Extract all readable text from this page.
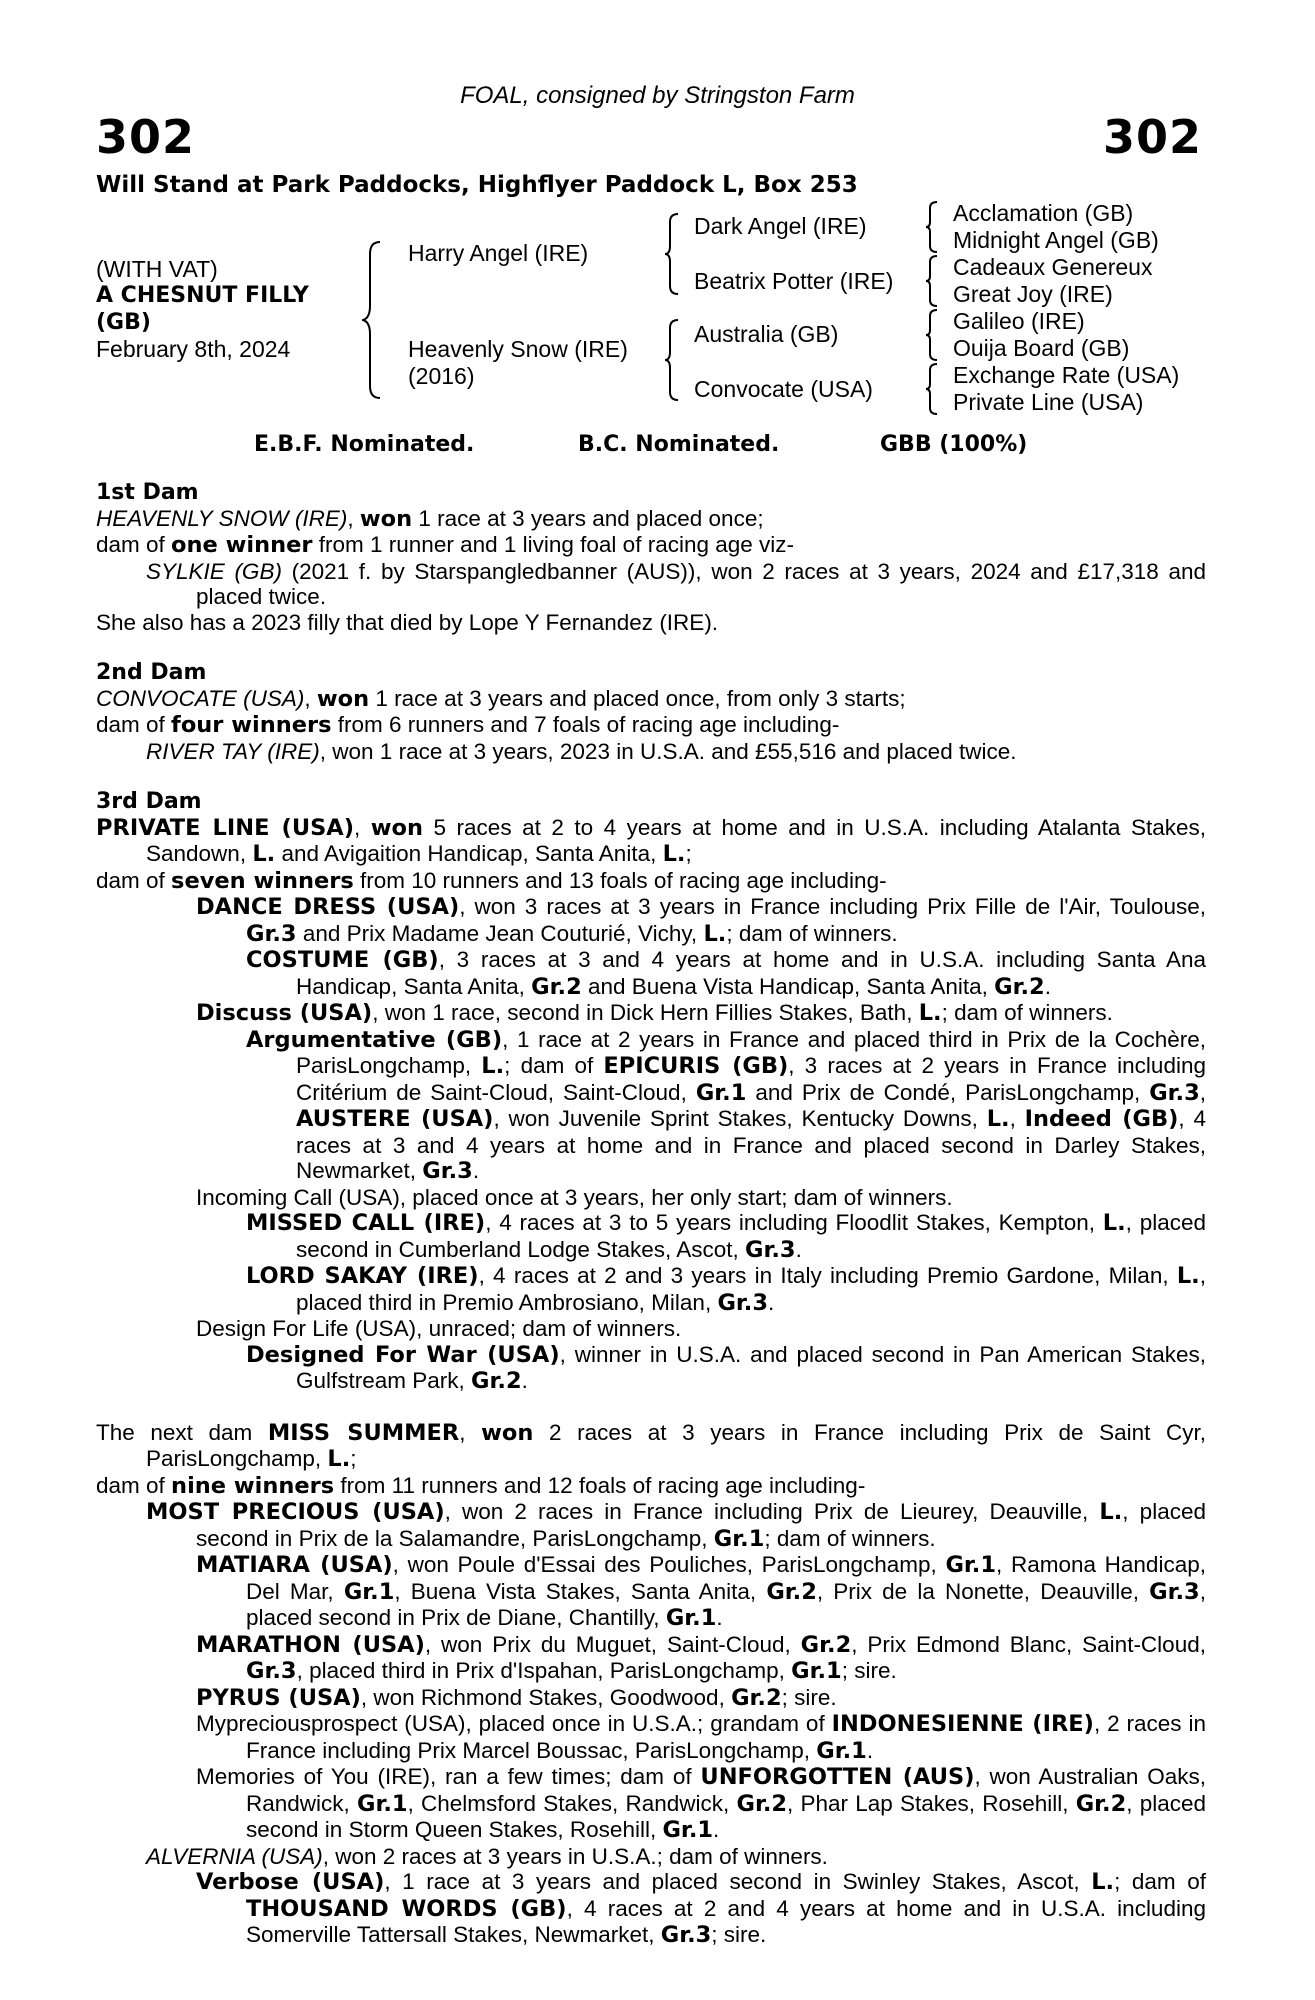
FOAL, consigned by Stringston Farm
302	302
Will Stand at Park Paddocks, Highflyer Paddock L, Box 253
(WITH VAT)
A CHESNUT FILLY
(GB)
February 8th, 2024
Harry Angel (IRE)
Heavenly Snow (IRE)
(2016)
Dark Angel (IRE)
Beatrix Potter (IRE)
Australia (GB)
Convocate (USA)
Acclamation (GB)
Midnight Angel (GB)
Cadeaux Genereux
Great Joy (IRE)
Galileo (IRE)
Ouija Board (GB)
Exchange Rate (USA)
Private Line (USA)
E.B.F. Nominated.	B.C. Nominated.	GBB (100%)

1st Dam

HEAVENLY SNOW (IRE), won 1 race at 3 years and placed once;

dam of one winner from 1 runner and 1 living foal of racing age viz-

SYLKIE (GB) (2021 f. by Starspangledbanner (AUS)), won 2 races at 3 years, 2024 and £17,318 and placed twice.

She also has a 2023 filly that died by Lope Y Fernandez (IRE).

2nd Dam

CONVOCATE (USA), won 1 race at 3 years and placed once, from only 3 starts;

dam of four winners from 6 runners and 7 foals of racing age including-

RIVER TAY (IRE), won 1 race at 3 years, 2023 in U.S.A. and £55,516 and placed twice.

3rd Dam

PRIVATE LINE (USA), won 5 races at 2 to 4 years at home and in U.S.A. including Atalanta Stakes, Sandown, L. and Avigaition Handicap, Santa Anita, L.;

dam of seven winners from 10 runners and 13 foals of racing age including-

DANCE DRESS (USA), won 3 races at 3 years in France including Prix Fille de l'Air, Toulouse, Gr.3 and Prix Madame Jean Couturié, Vichy, L.; dam of winners.

COSTUME (GB), 3 races at 3 and 4 years at home and in U.S.A. including Santa Ana Handicap, Santa Anita, Gr.2 and Buena Vista Handicap, Santa Anita, Gr.2.

Discuss (USA), won 1 race, second in Dick Hern Fillies Stakes, Bath, L.; dam of winners.

Argumentative (GB), 1 race at 2 years in France and placed third in Prix de la Cochère, ParisLongchamp, L.; dam of EPICURIS (GB), 3 races at 2 years in France including Critérium de Saint-Cloud, Saint-Cloud, Gr.1 and Prix de Condé, ParisLongchamp, Gr.3, AUSTERE (USA), won Juvenile Sprint Stakes, Kentucky Downs, L., Indeed (GB), 4 races at 3 and 4 years at home and in France and placed second in Darley Stakes, Newmarket, Gr.3.

Incoming Call (USA), placed once at 3 years, her only start; dam of winners.

MISSED CALL (IRE), 4 races at 3 to 5 years including Floodlit Stakes, Kempton, L., placed second in Cumberland Lodge Stakes, Ascot, Gr.3.

LORD SAKAY (IRE), 4 races at 2 and 3 years in Italy including Premio Gardone, Milan, L., placed third in Premio Ambrosiano, Milan, Gr.3.

Design For Life (USA), unraced; dam of winners.

Designed For War (USA), winner in U.S.A. and placed second in Pan American Stakes, Gulfstream Park, Gr.2.

The next dam MISS SUMMER, won 2 races at 3 years in France including Prix de Saint Cyr, ParisLongchamp, L.;

dam of nine winners from 11 runners and 12 foals of racing age including-

MOST PRECIOUS (USA), won 2 races in France including Prix de Lieurey, Deauville, L., placed second in Prix de la Salamandre, ParisLongchamp, Gr.1; dam of winners.

MATIARA (USA), won Poule d'Essai des Pouliches, ParisLongchamp, Gr.1, Ramona Handicap, Del Mar, Gr.1, Buena Vista Stakes, Santa Anita, Gr.2, Prix de la Nonette, Deauville, Gr.3, placed second in Prix de Diane, Chantilly, Gr.1.

MARATHON (USA), won Prix du Muguet, Saint-Cloud, Gr.2, Prix Edmond Blanc, Saint-Cloud, Gr.3, placed third in Prix d'Ispahan, ParisLongchamp, Gr.1; sire.

PYRUS (USA), won Richmond Stakes, Goodwood, Gr.2; sire.

Mypreciousprospect (USA), placed once in U.S.A.; grandam of INDONESIENNE (IRE), 2 races in France including Prix Marcel Boussac, ParisLongchamp, Gr.1.

Memories of You (IRE), ran a few times; dam of UNFORGOTTEN (AUS), won Australian Oaks, Randwick, Gr.1, Chelmsford Stakes, Randwick, Gr.2, Phar Lap Stakes, Rosehill, Gr.2, placed second in Storm Queen Stakes, Rosehill, Gr.1.

ALVERNIA (USA), won 2 races at 3 years in U.S.A.; dam of winners.

Verbose (USA), 1 race at 3 years and placed second in Swinley Stakes, Ascot, L.; dam of THOUSAND WORDS (GB), 4 races at 2 and 4 years at home and in U.S.A. including Somerville Tattersall Stakes, Newmarket, Gr.3; sire.
